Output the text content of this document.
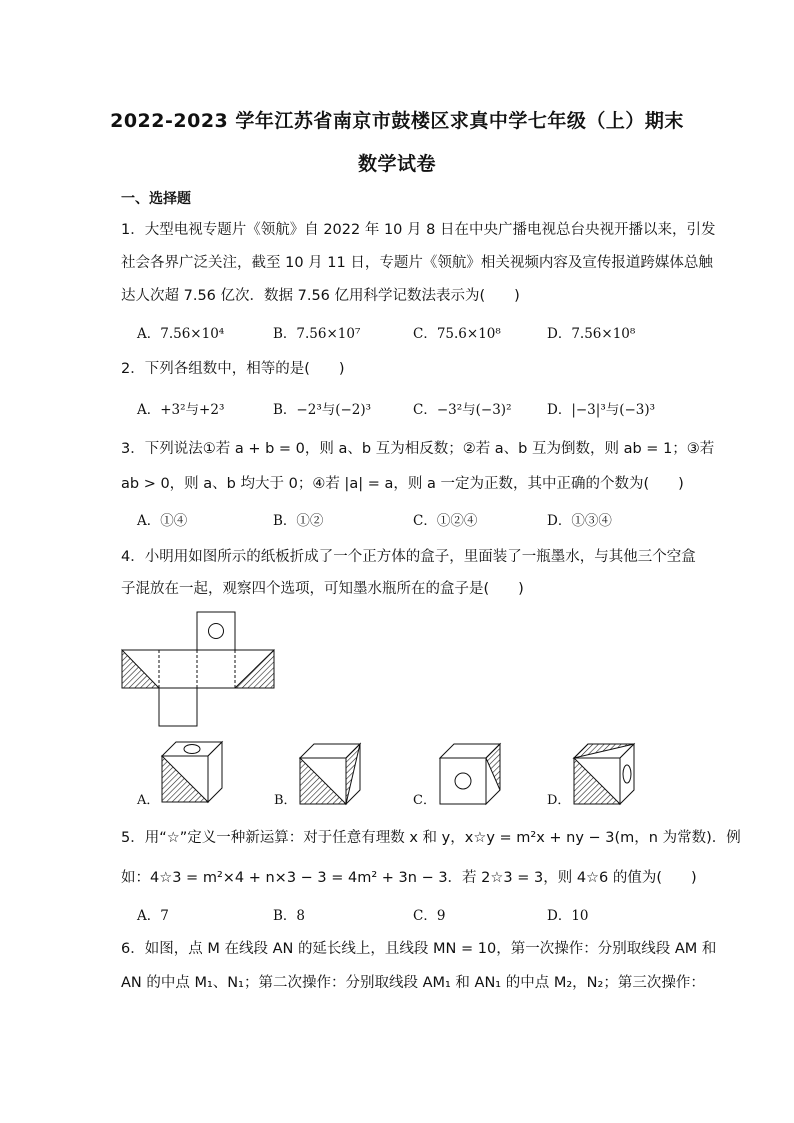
2022-2023 学年江苏省南京市鼓楼区求真中学七年级（上）期末
数学试卷
一、选择题
1．大型电视专题片《领航》自 2022 年 10 月 8 日在中央广播电视总台央视开播以来，引发
社会各界广泛关注，截至 10 月 11 日，专题片《领航》相关视频内容及宣传报道跨媒体总触
达人次超 7.56 亿次．数据 7.56 亿用科学记数法表示为(　　)
A．7.56×10⁴	B．7.56×10⁷	C．75.6×10⁸	D．7.56×10⁸
2．下列各组数中，相等的是(　　)
A．+3²与+2³	B．−2³与(−2)³	C．−3²与(−3)²	D．|−3|³与(−3)³
3．下列说法①若 a + b = 0，则 a、b 互为相反数；②若 a、b 互为倒数，则 ab = 1；③若
ab > 0，则 a、b 均大于 0；④若 |a| = a，则 a 一定为正数，其中正确的个数为(　　)
A．①④	B．①②	C．①②④	D．①③④
4．小明用如图所示的纸板折成了一个正方体的盒子，里面装了一瓶墨水，与其他三个空盒
子混放在一起，观察四个选项，可知墨水瓶所在的盒子是(　　)
A．	B．	C．	D．
5．用“☆”定义一种新运算：对于任意有理数 x 和 y，x☆y = m²x + ny − 3(m，n 为常数)．例
如：4☆3 = m²×4 + n×3 − 3 = 4m² + 3n − 3．若 2☆3 = 3，则 4☆6 的值为(　　)
A．7	B．8	C．9	D．10
6．如图，点 M 在线段 AN 的延长线上，且线段 MN = 10，第一次操作：分别取线段 AM 和
AN 的中点 M₁、N₁；第二次操作：分别取线段 AM₁ 和 AN₁ 的中点 M₂，N₂；第三次操作：
